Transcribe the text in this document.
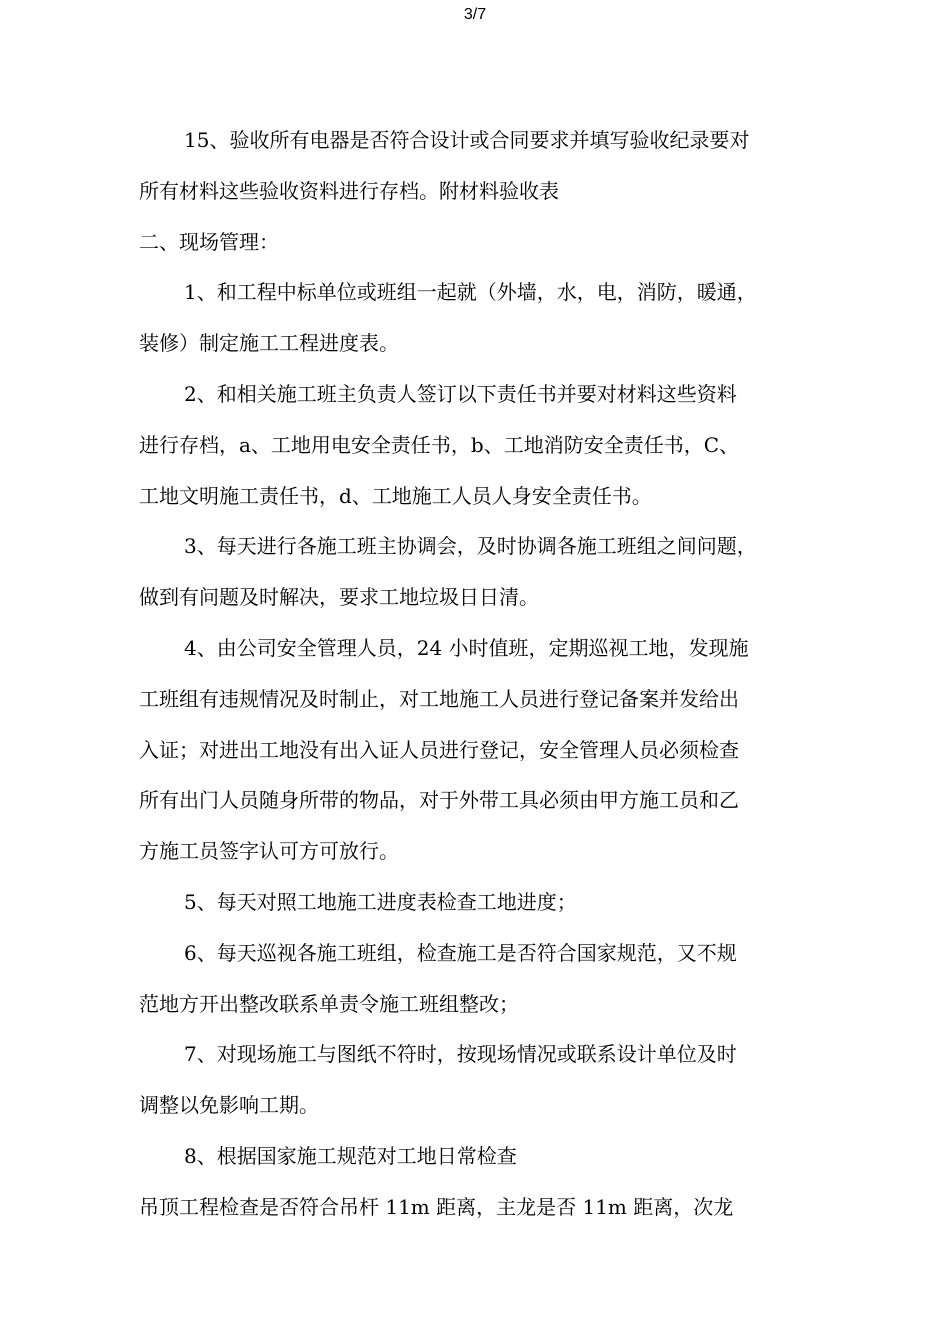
3/7
15、验收所有电器是否符合设计或合同要求并填写验收纪录要对
所有材料这些验收资料进行存档。附材料验收表
二、现场管理：
1、和工程中标单位或班组一起就（外墙，水，电，消防，暖通，
装修）制定施工工程进度表。
2、和相关施工班主负责人签订以下责任书并要对材料这些资料
进行存档，a、工地用电安全责任书，b、工地消防安全责任书，C、
工地文明施工责任书，d、工地施工人员人身安全责任书。
3、每天进行各施工班主协调会，及时协调各施工班组之间问题，
做到有问题及时解决，要求工地垃圾日日清。
4、由公司安全管理人员，24 小时值班，定期巡视工地，发现施
工班组有违规情况及时制止，对工地施工人员进行登记备案并发给出
入证；对进出工地没有出入证人员进行登记，安全管理人员必须检查
所有出门人员随身所带的物品，对于外带工具必须由甲方施工员和乙
方施工员签字认可方可放行。
5、每天对照工地施工进度表检查工地进度；
6、每天巡视各施工班组，检查施工是否符合国家规范，又不规
范地方开出整改联系单责令施工班组整改；
7、对现场施工与图纸不符时，按现场情况或联系设计单位及时
调整以免影响工期。
8、根据国家施工规范对工地日常检查
吊顶工程检查是否符合吊杆 11m 距离，主龙是否 11m 距离，次龙
